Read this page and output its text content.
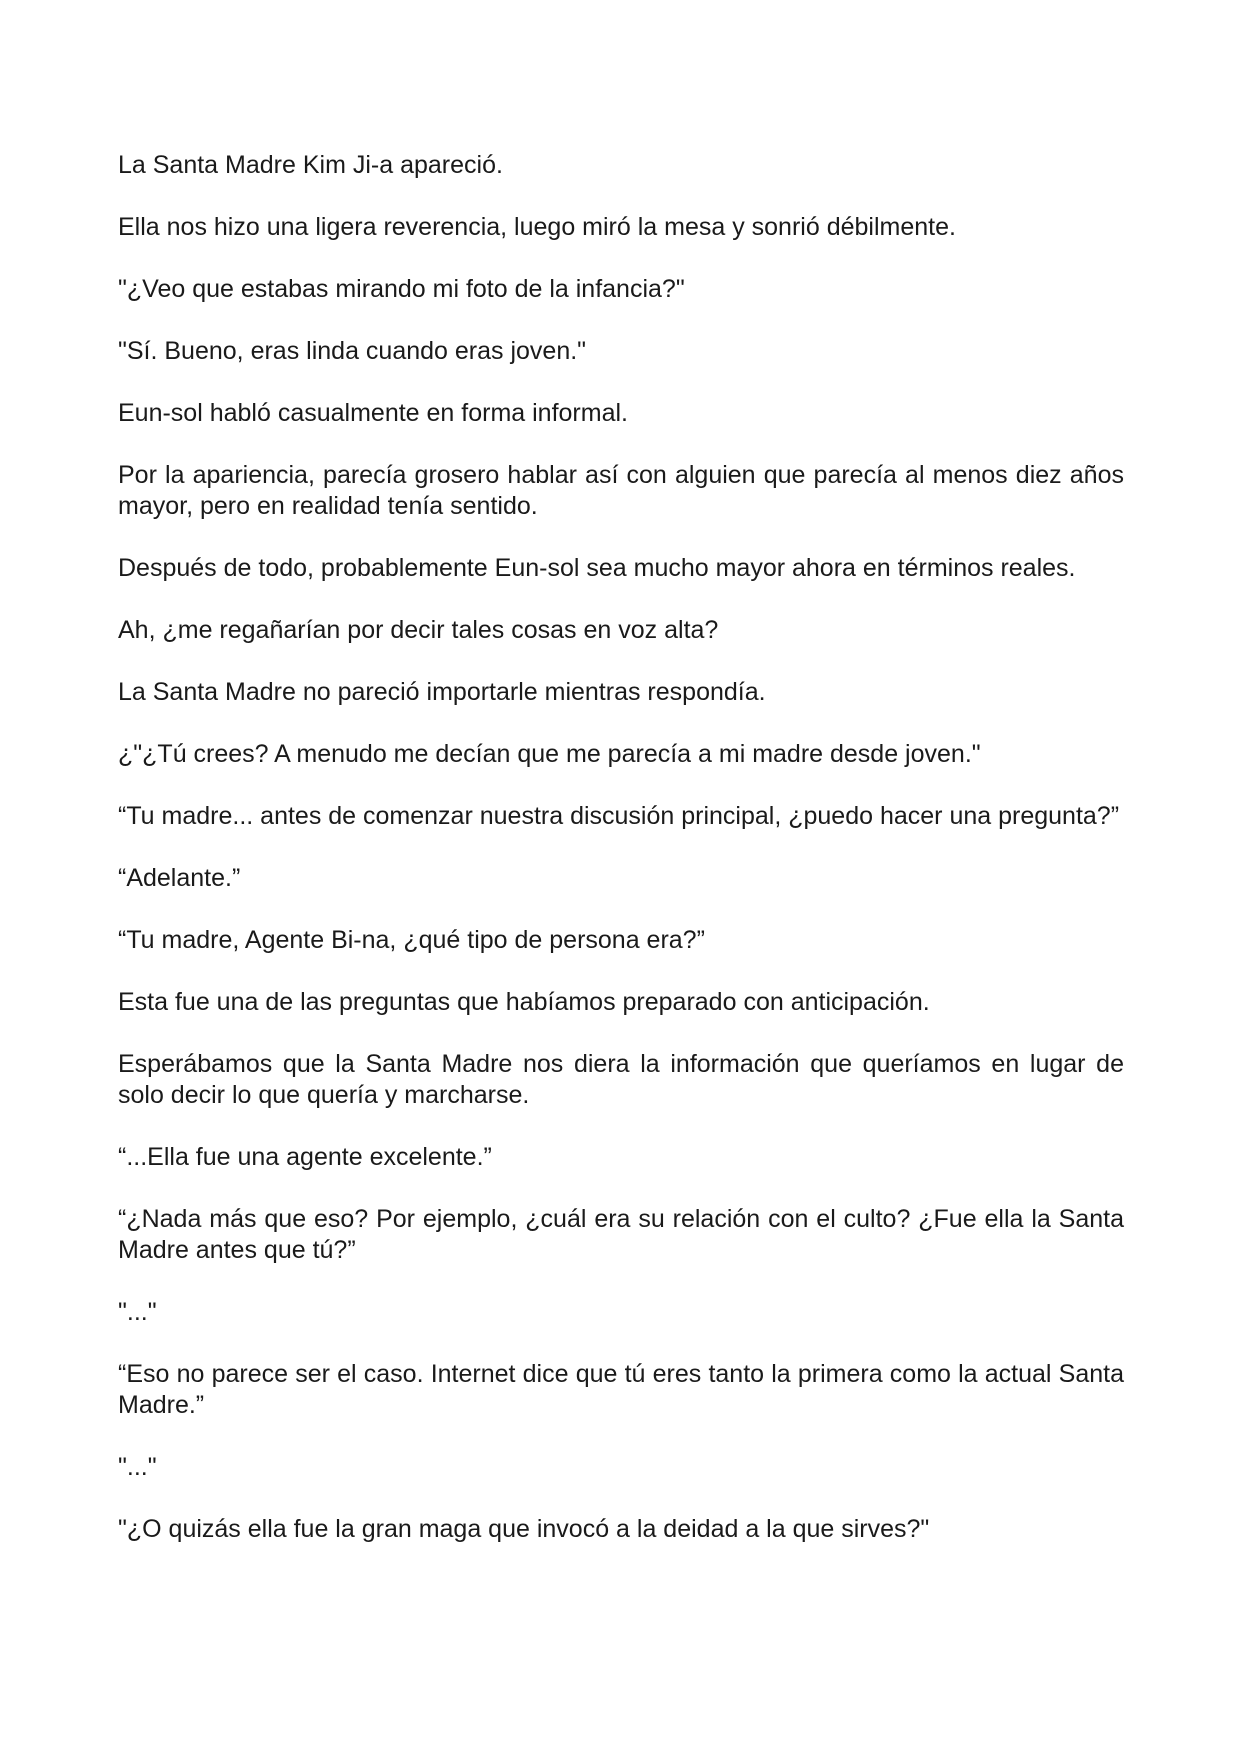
La Santa Madre Kim Ji-a apareció.

Ella nos hizo una ligera reverencia, luego miró la mesa y sonrió débilmente.

"¿Veo que estabas mirando mi foto de la infancia?"

"Sí. Bueno, eras linda cuando eras joven."

Eun-sol habló casualmente en forma informal.

Por la apariencia, parecía grosero hablar así con alguien que parecía al menos diez años mayor, pero en realidad tenía sentido.

Después de todo, probablemente Eun-sol sea mucho mayor ahora en términos reales.

Ah, ¿me regañarían por decir tales cosas en voz alta?

La Santa Madre no pareció importarle mientras respondía.

¿"¿Tú crees? A menudo me decían que me parecía a mi madre desde joven."

“Tu madre... antes de comenzar nuestra discusión principal, ¿puedo hacer una pregunta?”

“Adelante.”

“Tu madre, Agente Bi-na, ¿qué tipo de persona era?”

Esta fue una de las preguntas que habíamos preparado con anticipación.

Esperábamos que la Santa Madre nos diera la información que queríamos en lugar de solo decir lo que quería y marcharse.

“...Ella fue una agente excelente.”

“¿Nada más que eso? Por ejemplo, ¿cuál era su relación con el culto? ¿Fue ella la Santa Madre antes que tú?”

"..."

“Eso no parece ser el caso. Internet dice que tú eres tanto la primera como la actual Santa Madre.”

"..."

"¿O quizás ella fue la gran maga que invocó a la deidad a la que sirves?"
